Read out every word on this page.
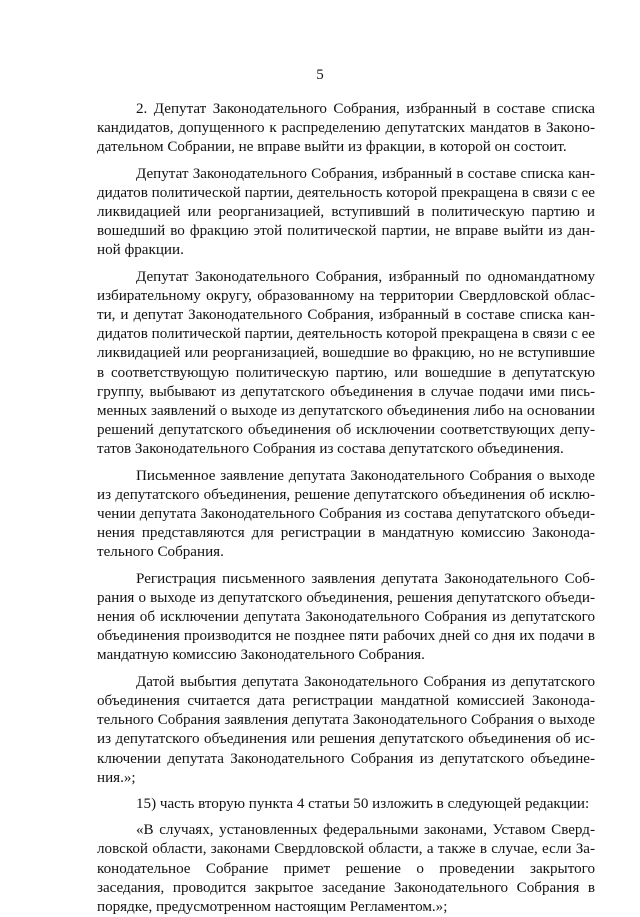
5

2. Депутат Законодательного Собрания, избранный в составе списка кандидатов, допущенного к распределению депутатских мандатов в Законодательном Собрании, не вправе выйти из фракции, в которой он состоит.

Депутат Законодательного Собрания, избранный в составе списка кандидатов политической партии, деятельность которой прекращена в связи с ее ликвидацией или реорганизацией, вступивший в политическую партию и вошедший во фракцию этой политической партии, не вправе выйти из данной фракции.

Депутат Законодательного Собрания, избранный по одномандатному избирательному округу, образованному на территории Свердловской области, и депутат Законодательного Собрания, избранный в составе списка кандидатов политической партии, деятельность которой прекращена в связи с ее ликвидацией или реорганизацией, вошедшие во фракцию, но не вступившие в соответствующую политическую партию, или вошедшие в депутатскую группу, выбывают из депутатского объединения в случае подачи ими письменных заявлений о выходе из депутатского объединения либо на основании решений депутатского объединения об исключении соответствующих депутатов Законодательного Собрания из состава депутатского объединения.

Письменное заявление депутата Законодательного Собрания о выходе из депутатского объединения, решение депутатского объединения об исключении депутата Законодательного Собрания из состава депутатского объединения представляются для регистрации в мандатную комиссию Законодательного Собрания.

Регистрация письменного заявления депутата Законодательного Собрания о выходе из депутатского объединения, решения депутатского объединения об исключении депутата Законодательного Собрания из депутатского объединения производится не позднее пяти рабочих дней со дня их подачи в мандатную комиссию Законодательного Собрания.

Датой выбытия депутата Законодательного Собрания из депутатского объединения считается дата регистрации мандатной комиссией Законодательного Собрания заявления депутата Законодательного Собрания о выходе из депутатского объединения или решения депутатского объединения об исключении депутата Законодательного Собрания из депутатского объединения.»;

15) часть вторую пункта 4 статьи 50 изложить в следующей редакции:

«В случаях, установленных федеральными законами, Уставом Свердловской области, законами Свердловской области, а также в случае, если Законодательное Собрание примет решение о проведении закрытого заседания, проводится закрытое заседание Законодательного Собрания в порядке, предусмотренном настоящим Регламентом.»;
